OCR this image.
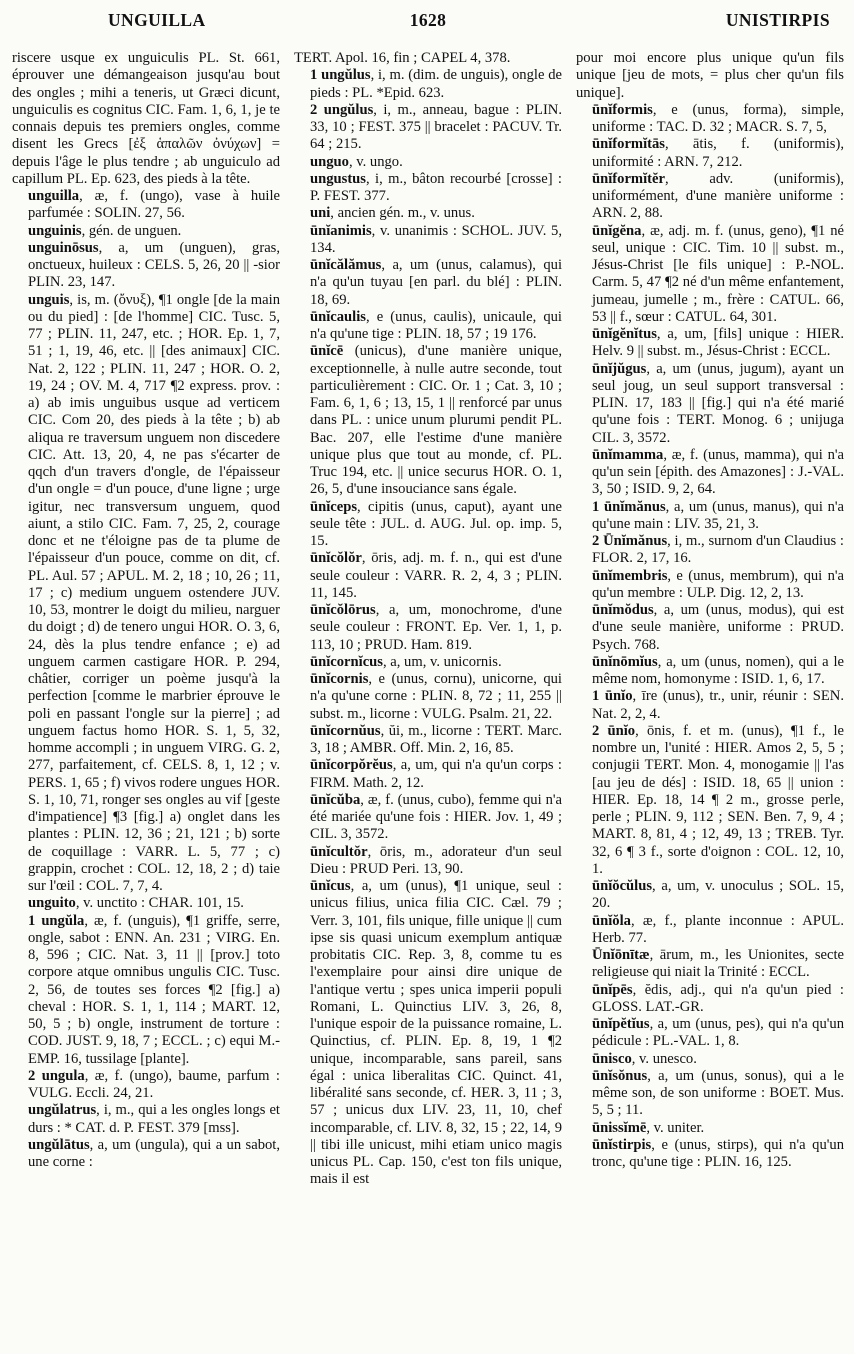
UNGUILLA	1628	UNISTIRPIS

riscere usque ex unguiculis PL. St. 661, éprouver une démangeaison jusqu'au bout des ongles ; mihi a teneris, ut Græci dicunt, unguiculis es cognitus CIC. Fam. 1, 6, 1, je te connais depuis tes premiers ongles, comme disent les Grecs [ἐξ ἁπαλῶν ὀνύχων] = depuis l'âge le plus tendre ; ab unguiculo ad capillum PL. Ep. 623, des pieds à la tête.

unguilla, æ, f. (ungo), vase à huile parfumée : SOLIN. 27, 56.

unguinis, gén. de unguen.

unguinōsus, a, um (unguen), gras, onctueux, huileux : CELS. 5, 26, 20 || -sior PLIN. 23, 147.

unguis, is, m. (ὄνυξ), ¶1 ongle [de la main ou du pied] : [de l'homme] CIC. Tusc. 5, 77 ; PLIN. 11, 247, etc. ; HOR. Ep. 1, 7, 51 ; 1, 19, 46, etc. || [des animaux] CIC. Nat. 2, 122 ; PLIN. 11, 247 ; HOR. O. 2, 19, 24 ; OV. M. 4, 717 ¶2 express. prov. : a) ab imis unguibus usque ad verticem CIC. Com 20, des pieds à la tête ; b) ab aliqua re traversum unguem non discedere CIC. Att. 13, 20, 4, ne pas s'écarter de qqch d'un travers d'ongle, de l'épaisseur d'un ongle = d'un pouce, d'une ligne ; urge igitur, nec transversum unguem, quod aiunt, a stilo CIC. Fam. 7, 25, 2, courage donc et ne t'éloigne pas de ta plume de l'épaisseur d'un pouce, comme on dit, cf. PL. Aul. 57 ; APUL. M. 2, 18 ; 10, 26 ; 11, 17 ; c) medium unguem ostendere JUV. 10, 53, montrer le doigt du milieu, narguer du doigt ; d) de tenero ungui HOR. O. 3, 6, 24, dès la plus tendre enfance ; e) ad unguem carmen castigare HOR. P. 294, châtier, corriger un poème jusqu'à la perfection [comme le marbrier éprouve le poli en passant l'ongle sur la pierre] ; ad unguem factus homo HOR. S. 1, 5, 32, homme accompli ; in unguem VIRG. G. 2, 277, parfaitement, cf. CELS. 8, 1, 12 ; v. PERS. 1, 65 ; f) vivos rodere ungues HOR. S. 1, 10, 71, ronger ses ongles au vif [geste d'impatience] ¶3 [fig.] a) onglet dans les plantes : PLIN. 12, 36 ; 21, 121 ; b) sorte de coquillage : VARR. L. 5, 77 ; c) grappin, crochet : COL. 12, 18, 2 ; d) taie sur l'œil : COL. 7, 7, 4.

unguito, v. unctito : CHAR. 101, 15.

1 ungŭla, æ, f. (unguis), ¶1 griffe, serre, ongle, sabot : ENN. An. 231 ; VIRG. En. 8, 596 ; CIC. Nat. 3, 11 || [prov.] toto corpore atque omnibus ungulis CIC. Tusc. 2, 56, de toutes ses forces ¶2 [fig.] a) cheval : HOR. S. 1, 1, 114 ; MART. 12, 50, 5 ; b) ongle, instrument de torture : COD. JUST. 9, 18, 7 ; ECCL. ; c) equi M.-EMP. 16, tussilage [plante].

2 ungula, æ, f. (ungo), baume, parfum : VULG. Eccli. 24, 21.

ungŭlatrus, i, m., qui a les ongles longs et durs : * CAT. d. P. FEST. 379 [mss].

ungŭlātus, a, um (ungula), qui a un sabot, une corne :

TERT. Apol. 16, fin ; CAPEL 4, 378.

1 ungŭlus, i, m. (dim. de unguis), ongle de pieds : PL. *Epid. 623.

2 ungŭlus, i, m., anneau, bague : PLIN. 33, 10 ; FEST. 375 || bracelet : PACUV. Tr. 64 ; 215.

unguo, v. ungo.

ungustus, i, m., bâton recourbé [crosse] : P. FEST. 377.

uni, ancien gén. m., v. unus.

ūnĭanimis, v. unanimis : SCHOL. JUV. 5, 134.

ūnĭcălămus, a, um (unus, calamus), qui n'a qu'un tuyau [en parl. du blé] : PLIN. 18, 69.

ūnĭcaulis, e (unus, caulis), unicaule, qui n'a qu'une tige : PLIN. 18, 57 ; 19 176.

ūnĭcē (unicus), d'une manière unique, exceptionnelle, à nulle autre seconde, tout particulièrement : CIC. Or. 1 ; Cat. 3, 10 ; Fam. 6, 1, 6 ; 13, 15, 1 || renforcé par unus dans PL. : unice unum plurumi pendit PL. Bac. 207, elle l'estime d'une manière unique plus que tout au monde, cf. PL. Truc 194, etc. || unice securus HOR. O. 1, 26, 5, d'une insouciance sans égale.

ūnĭceps, cipitis (unus, caput), ayant une seule tête : JUL. d. AUG. Jul. op. imp. 5, 15.

ūnĭcŏlŏr, ōris, adj. m. f. n., qui est d'une seule couleur : VARR. R. 2, 4, 3 ; PLIN. 11, 145.

ūnĭcŏlōrus, a, um, monochrome, d'une seule couleur : FRONT. Ep. Ver. 1, 1, p. 113, 10 ; PRUD. Ham. 819.

ūnĭcornĭcus, a, um, v. unicornis.

ūnĭcornis, e (unus, cornu), unicorne, qui n'a qu'une corne : PLIN. 8, 72 ; 11, 255 || subst. m., licorne : VULG. Psalm. 21, 22.

ūnĭcornŭus, ŭi, m., licorne : TERT. Marc. 3, 18 ; AMBR. Off. Min. 2, 16, 85.

ūnĭcorpŏrĕus, a, um, qui n'a qu'un corps : FIRM. Math. 2, 12.

ūnĭcŭba, æ, f. (unus, cubo), femme qui n'a été mariée qu'une fois : HIER. Jov. 1, 49 ; CIL. 3, 3572.

ūnĭcultŏr, ōris, m., adorateur d'un seul Dieu : PRUD Peri. 13, 90.

ūnĭcus, a, um (unus), ¶1 unique, seul : unicus filius, unica filia CIC. Cæl. 79 ; Verr. 3, 101, fils unique, fille unique || cum ipse sis quasi unicum exemplum antiquæ probitatis CIC. Rep. 3, 8, comme tu es l'exemplaire pour ainsi dire unique de l'antique vertu ; spes unica imperii populi Romani, L. Quinctius LIV. 3, 26, 8, l'unique espoir de la puissance romaine, L. Quinctius, cf. PLIN. Ep. 8, 19, 1 ¶2 unique, incomparable, sans pareil, sans égal : unica liberalitas CIC. Quinct. 41, libéralité sans seconde, cf. HER. 3, 11 ; 3, 57 ; unicus dux LIV. 23, 11, 10, chef incomparable, cf. LIV. 8, 32, 15 ; 22, 14, 9 || tibi ille unicust, mihi etiam unico magis unicus PL. Cap. 150, c'est ton fils unique, mais il est

pour moi encore plus unique qu'un fils unique [jeu de mots, = plus cher qu'un fils unique].

ūnĭformis, e (unus, forma), simple, uniforme : TAC. D. 32 ; MACR. S. 7, 5,

ūnĭformĭtās, ātis, f. (uniformis), uniformité : ARN. 7, 212.

ūnĭformĭtĕr, adv. (uniformis), uniformément, d'une manière uniforme : ARN. 2, 88.

ūnĭgĕna, æ, adj. m. f. (unus, geno), ¶1 né seul, unique : CIC. Tim. 10 || subst. m., Jésus-Christ [le fils unique] : P.-NOL. Carm. 5, 47 ¶2 né d'un même enfantement, jumeau, jumelle ; m., frère : CATUL. 66, 53 || f., sœur : CATUL. 64, 301.

ūnĭgĕnĭtus, a, um, [fils] unique : HIER. Helv. 9 || subst. m., Jésus-Christ : ECCL.

ūnĭjŭgus, a, um (unus, jugum), ayant un seul joug, un seul support transversal : PLIN. 17, 183 || [fig.] qui n'a été marié qu'une fois : TERT. Monog. 6 ; unijuga CIL. 3, 3572.

ūnĭmamma, æ, f. (unus, mamma), qui n'a qu'un sein [épith. des Amazones] : J.-VAL. 3, 50 ; ISID. 9, 2, 64.

1 ūnĭmănus, a, um (unus, manus), qui n'a qu'une main : LIV. 35, 21, 3.

2 Ūnĭmănus, i, m., surnom d'un Claudius : FLOR. 2, 17, 16.

ūnĭmembris, e (unus, membrum), qui n'a qu'un membre : ULP. Dig. 12, 2, 13.

ūnĭmŏdus, a, um (unus, modus), qui est d'une seule manière, uniforme : PRUD. Psych. 768.

ūnĭnōmĭus, a, um (unus, nomen), qui a le même nom, homonyme : ISID. 1, 6, 17.

1 ūnĭo, īre (unus), tr., unir, réunir : SEN. Nat. 2, 2, 4.

2 ūnĭo, ōnis, f. et m. (unus), ¶1 f., le nombre un, l'unité : HIER. Amos 2, 5, 5 ; conjugii TERT. Mon. 4, monogamie || l'as [au jeu de dés] : ISID. 18, 65 || union : HIER. Ep. 18, 14 ¶ 2 m., grosse perle, perle ; PLIN. 9, 112 ; SEN. Ben. 7, 9, 4 ; MART. 8, 81, 4 ; 12, 49, 13 ; TREB. Tyr. 32, 6 ¶ 3 f., sorte d'oignon : COL. 12, 10, 1.

ūnĭŏcŭlus, a, um, v. unoculus ; SOL. 15, 20.

ūnĭŏla, æ, f., plante inconnue : APUL. Herb. 77.

Ūnĭōnītæ, ārum, m., les Unionites, secte religieuse qui niait la Trinité : ECCL.

ūnĭpēs, ĕdis, adj., qui n'a qu'un pied : GLOSS. LAT.-GR.

ūnĭpĕtĭus, a, um (unus, pes), qui n'a qu'un pédicule : PL.-VAL. 1, 8.

ūnisco, v. unesco.

ūnĭsŏnus, a, um (unus, sonus), qui a le même son, de son uniforme : BOET. Mus. 5, 5 ; 11.

ūnissĭmē, v. uniter.

ūnĭstirpis, e (unus, stirps), qui n'a qu'un tronc, qu'une tige : PLIN. 16, 125.
